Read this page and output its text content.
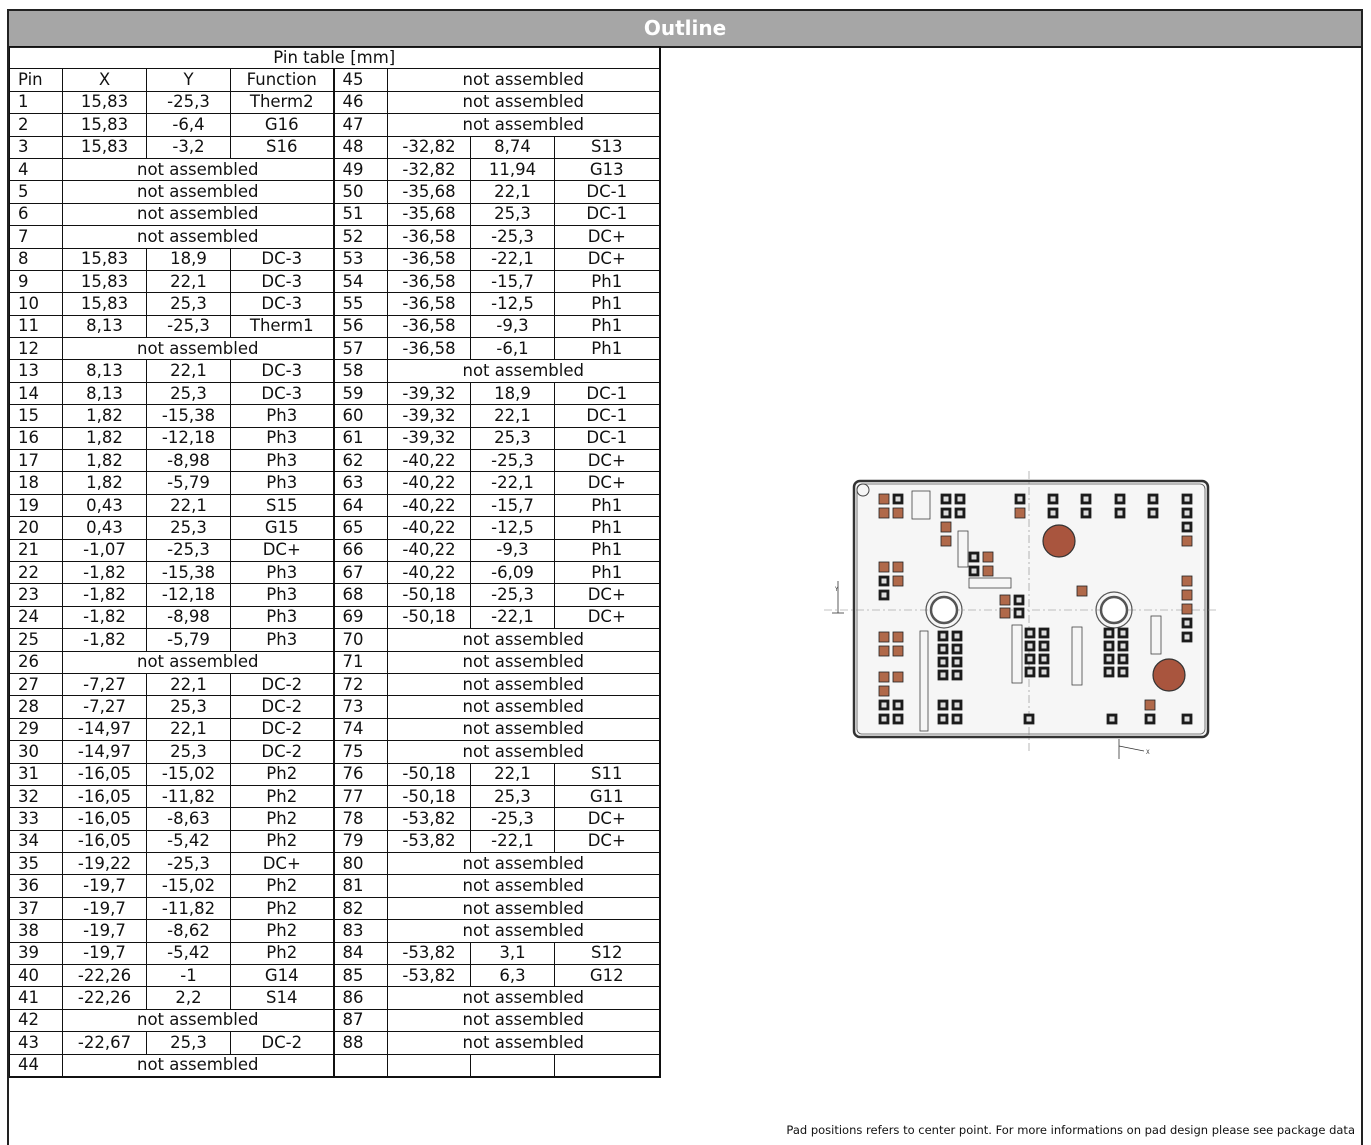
Outline
Pin table [mm]							
Pin	X	Y	Function	45	not assembled		
1	15,83	-25,3	Therm2	46	not assembled		
2	15,83	-6,4	G16	47	not assembled		
3	15,83	-3,2	S16	48	-32,82	8,74	S13
4	not assembled			49	-32,82	11,94	G13
5	not assembled			50	-35,68	22,1	DC-1
6	not assembled			51	-35,68	25,3	DC-1
7	not assembled			52	-36,58	-25,3	DC+
8	15,83	18,9	DC-3	53	-36,58	-22,1	DC+
9	15,83	22,1	DC-3	54	-36,58	-15,7	Ph1
10	15,83	25,3	DC-3	55	-36,58	-12,5	Ph1
11	8,13	-25,3	Therm1	56	-36,58	-9,3	Ph1
12	not assembled			57	-36,58	-6,1	Ph1
13	8,13	22,1	DC-3	58	not assembled		
14	8,13	25,3	DC-3	59	-39,32	18,9	DC-1
15	1,82	-15,38	Ph3	60	-39,32	22,1	DC-1
16	1,82	-12,18	Ph3	61	-39,32	25,3	DC-1
17	1,82	-8,98	Ph3	62	-40,22	-25,3	DC+
18	1,82	-5,79	Ph3	63	-40,22	-22,1	DC+
19	0,43	22,1	S15	64	-40,22	-15,7	Ph1
20	0,43	25,3	G15	65	-40,22	-12,5	Ph1
21	-1,07	-25,3	DC+	66	-40,22	-9,3	Ph1
22	-1,82	-15,38	Ph3	67	-40,22	-6,09	Ph1
23	-1,82	-12,18	Ph3	68	-50,18	-25,3	DC+
24	-1,82	-8,98	Ph3	69	-50,18	-22,1	DC+
25	-1,82	-5,79	Ph3	70	not assembled		
26	not assembled			71	not assembled		
27	-7,27	22,1	DC-2	72	not assembled		
28	-7,27	25,3	DC-2	73	not assembled		
29	-14,97	22,1	DC-2	74	not assembled		
30	-14,97	25,3	DC-2	75	not assembled		
31	-16,05	-15,02	Ph2	76	-50,18	22,1	S11
32	-16,05	-11,82	Ph2	77	-50,18	25,3	G11
33	-16,05	-8,63	Ph2	78	-53,82	-25,3	DC+
34	-16,05	-5,42	Ph2	79	-53,82	-22,1	DC+
35	-19,22	-25,3	DC+	80	not assembled		
36	-19,7	-15,02	Ph2	81	not assembled		
37	-19,7	-11,82	Ph2	82	not assembled		
38	-19,7	-8,62	Ph2	83	not assembled		
39	-19,7	-5,42	Ph2	84	-53,82	3,1	S12
40	-22,26	-1	G14	85	-53,82	6,3	G12
41	-22,26	2,2	S14	86	not assembled		
42	not assembled			87	not assembled		
43	-22,67	25,3	DC-2	88	not assembled		
44	not assembled						
Y
X
Pad positions refers to center point. For more informations on pad design please see package data
